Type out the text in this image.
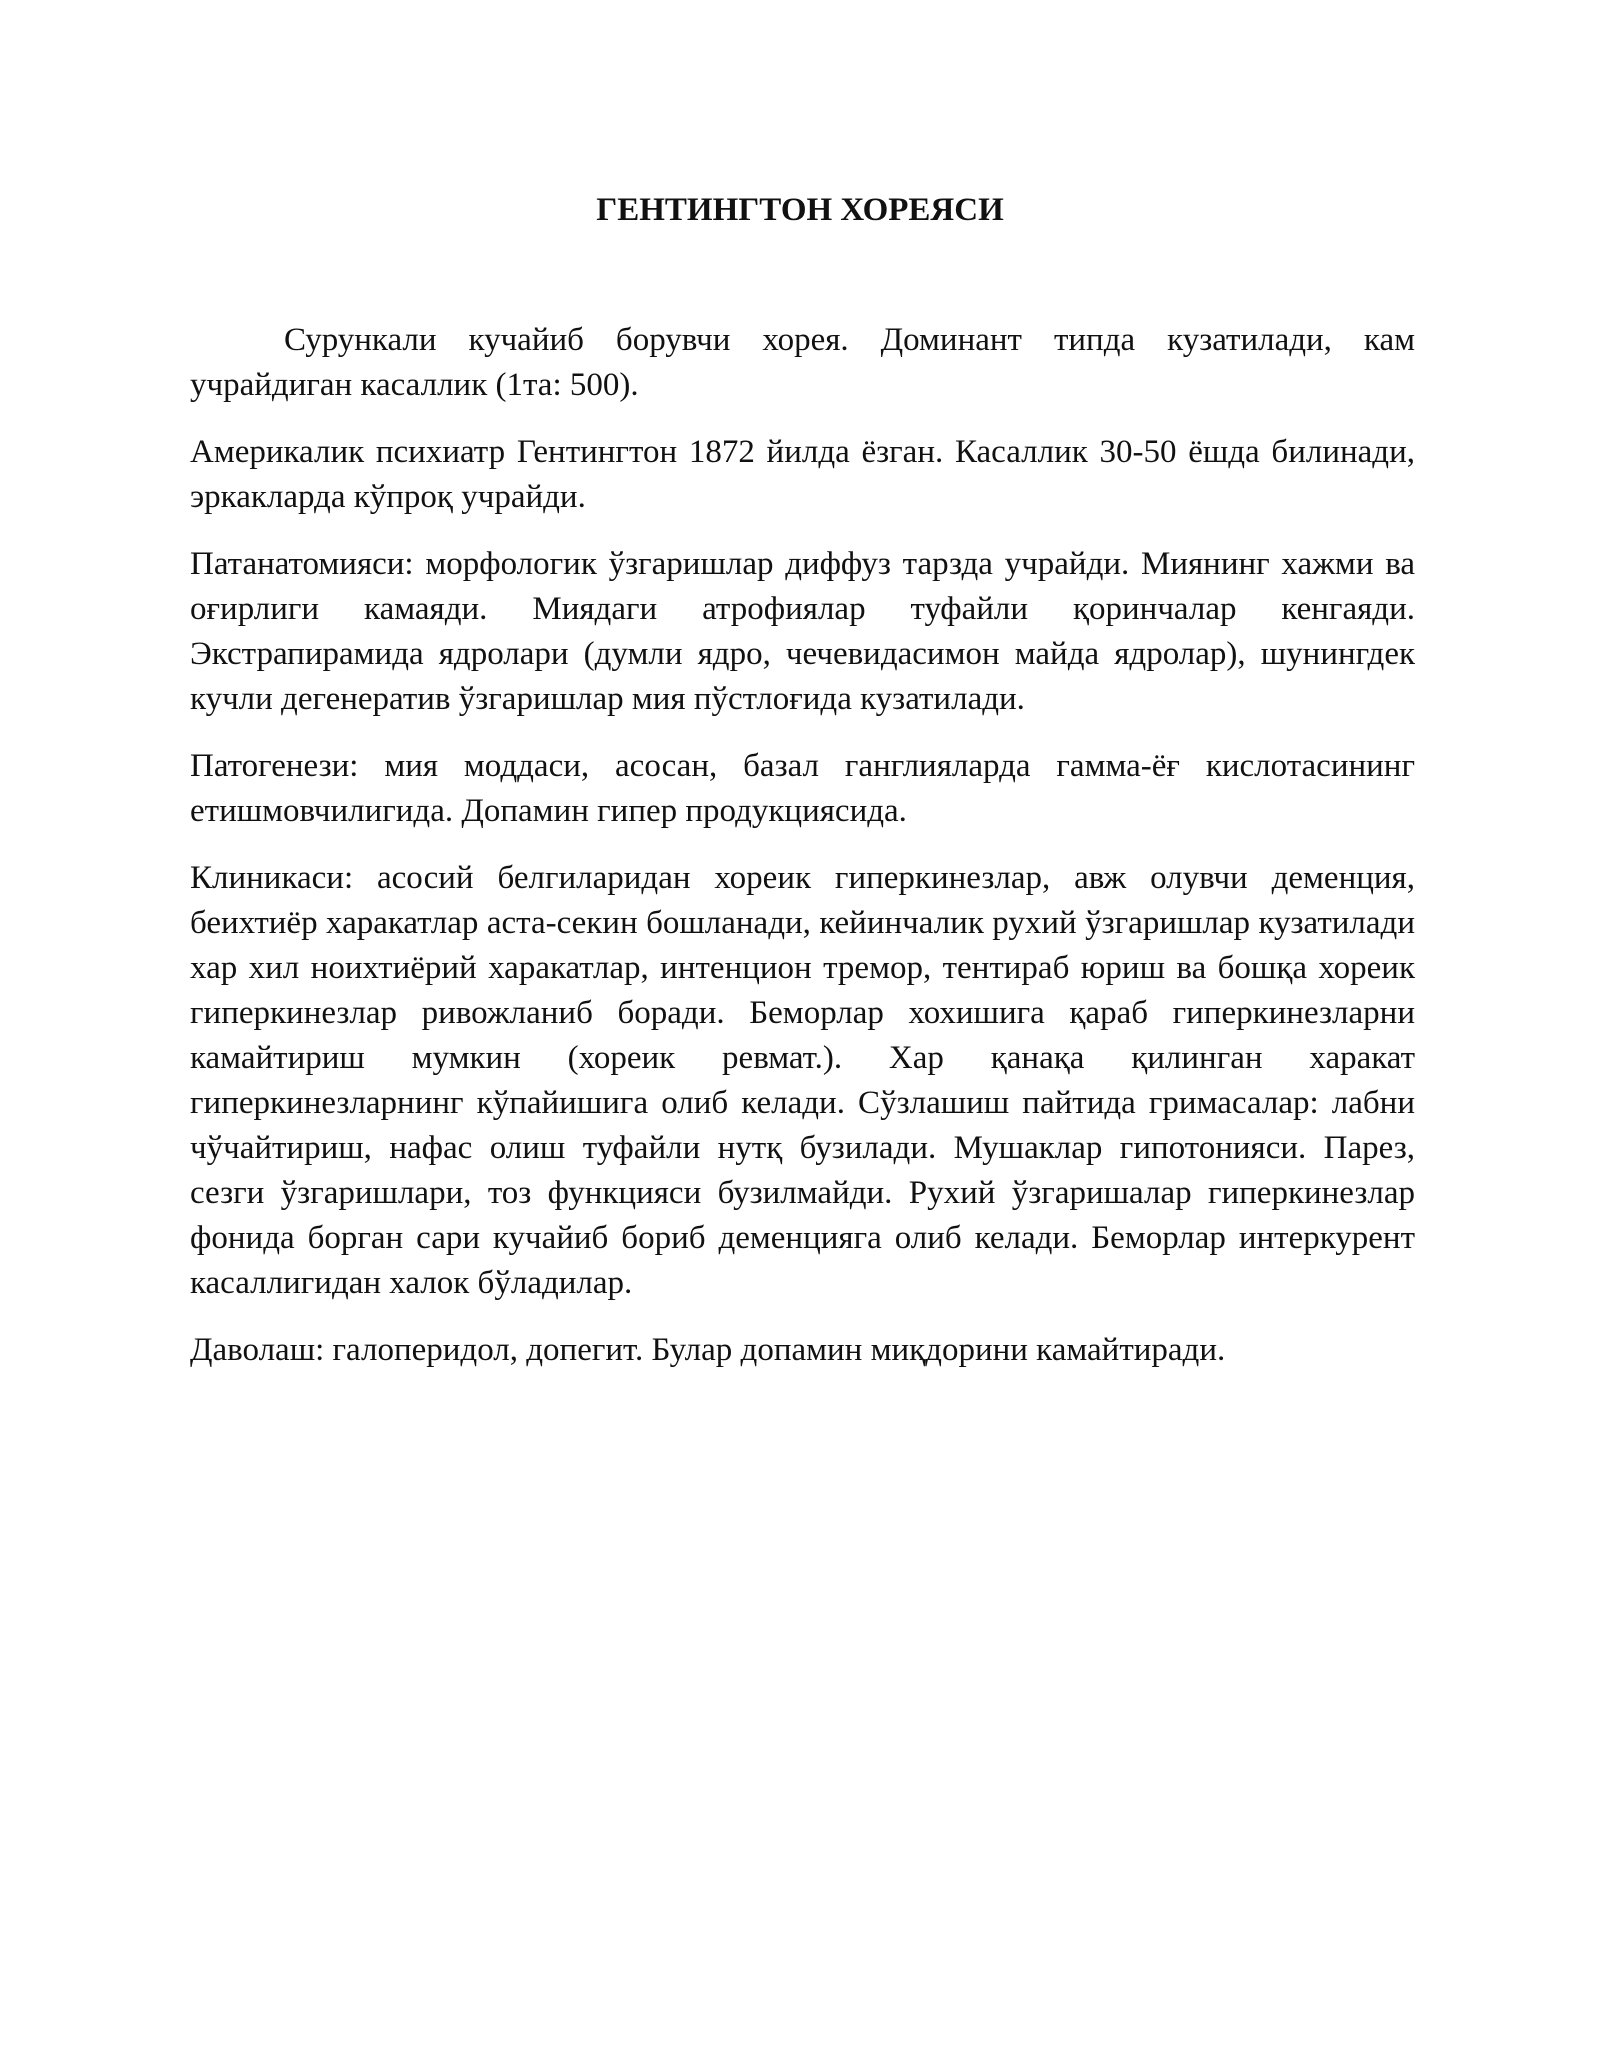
ГЕНТИНГТОН ХОРЕЯСИ

Сурункали кучайиб борувчи хорея. Доминант типда кузатилади, кам учрайдиган касаллик (1та: 500).

Америкалик психиатр Гентингтон 1872 йилда ёзган. Касаллик 30-50 ёшда билинади, эркакларда кўпроқ учрайди.

Патанатомияси: морфологик ўзгаришлар диффуз тарзда учрайди. Миянинг хажми ва оғирлиги камаяди. Миядаги атрофиялар туфайли қоринчалар кенгаяди. Экстрапирамида ядролари (думли ядро, чечевидасимон майда ядролар), шунингдек кучли дегенератив ўзгаришлар мия пўстлоғида кузатилади.

Патогенези: мия моддаси, асосан, базал ганглияларда гамма-ёғ кислотасининг етишмовчилигида. Допамин гипер продукциясида.

Клиникаси: асосий белгиларидан хореик гиперкинезлар, авж олувчи деменция, беихтиёр харакатлар аста-секин бошланади, кейинчалик рухий ўзгаришлар кузатилади хар хил ноихтиёрий харакатлар, интенцион тремор, тентираб юриш ва бошқа хореик гиперкинезлар ривожланиб боради. Беморлар хохишига қараб гиперкинезларни камайтириш мумкин (хореик ревмат.). Хар қанақа қилинган харакат гиперкинезларнинг кўпайишига олиб келади. Сўзлашиш пайтида гримасалар: лабни чўчайтириш, нафас олиш туфайли нутқ бузилади. Мушаклар гипотонияси. Парез, сезги ўзгаришлари, тоз функцияси бузилмайди. Рухий ўзгаришалар гиперкинезлар фонида борган сари кучайиб бориб деменцияга олиб келади. Беморлар интеркурент касаллигидан халок бўладилар.

Даволаш: галоперидол, допегит. Булар допамин миқдорини камайтиради.
